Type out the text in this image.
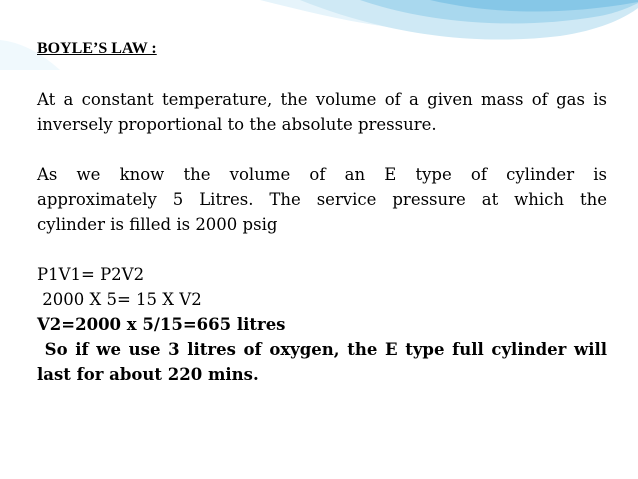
BOYLE’S LAW :

At a constant temperature, the volume of a given mass of gas is
inversely proportional to the absolute pressure.

As we know the volume of an E type of cylinder is
approximately 5 Litres. The service pressure at which the
cylinder is filled is 2000 psig

P1V1= P2V2
2000 X 5= 15 X V2
V2=2000 x 5/15=665 litres

So if we use 3 litres of oxygen, the E type full cylinder will
last for about 220 mins.
